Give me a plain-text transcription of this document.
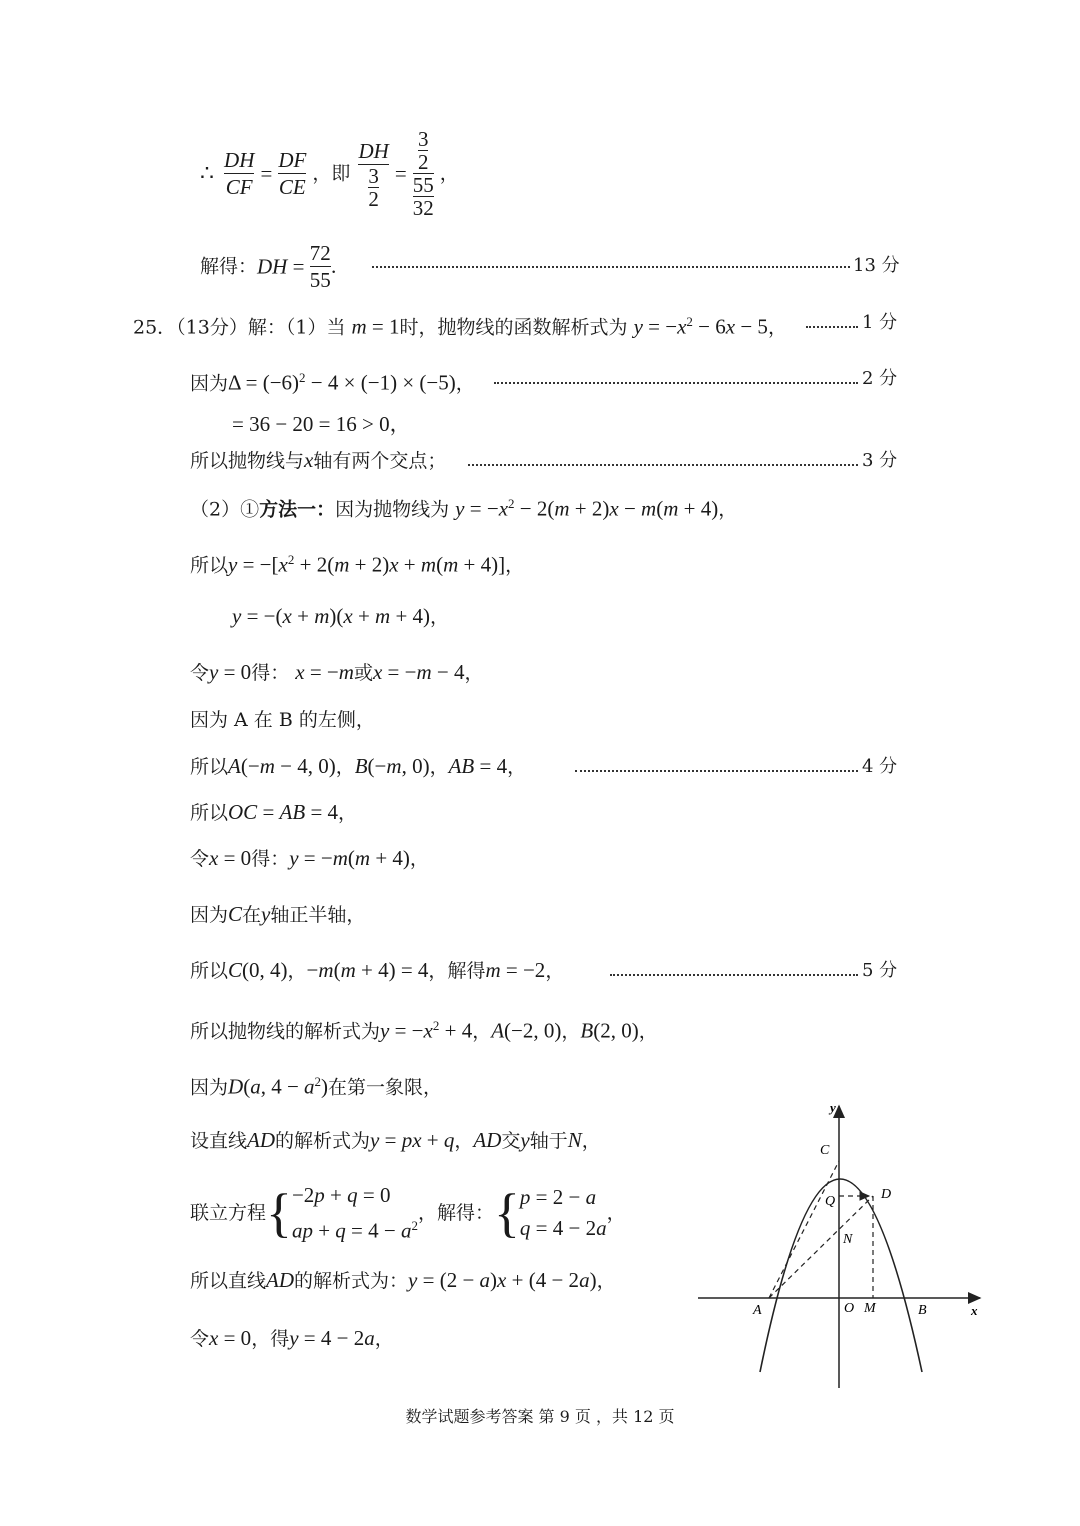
∴ $\frac{DH}{CF} = \frac{DF}{CE}$ ，即 $\frac{DH}{\frac{3}{2}} = \frac{\frac{3}{2}}{\frac{55}{32}}$ ，
解得：DH = $\frac{72}{55}$ ．	13 分
25．（13分）解：（1）当 m = 1时，抛物线的函数解析式为 $y = -x^2 - 6x - 5$，	1 分
因为$\Delta = (-6)^2 - 4 \times (-1) \times (-5)$，	2 分
= 36 − 20 = 16 > 0，
所以抛物线与x轴有两个交点；	3 分
（2）①方法一：因为抛物线为 $y = -x^2 - 2(m + 2)x - m(m + 4)$，
所以$y = -[x^2 + 2(m + 2)x + m(m + 4)]$，
y = −(x + m)(x + m + 4)，
令y = 0得： x = −m或x = −m − 4，
因为 A 在 B 的左侧，
所以A(−m − 4, 0)，B(−m, 0)，AB = 4，	4 分
所以OC = AB = 4，
令x = 0得：y = −m(m + 4)，
因为C在y轴正半轴，
所以C(0, 4)，−m(m + 4) = 4，解得m = −2，	5 分
所以抛物线的解析式为$y = -x^2 + 4$，A(−2, 0)，B(2, 0)，
因为D(a, $4 - a^2$)在第一象限，
设直线AD的解析式为y = px + q，AD交y轴于N，
联立方程{ −2p + q = 0
ap + $q = 4 - a^2$
，解得：{ p = 2 − a
q = 4 − 2a
，
所以直线AD的解析式为：y = (2 − a)x + (4 − 2a)，
令x = 0，得y = 4 − 2a，
y
x
C
D
Q
N
A	O M	B
数学试题参考答案 第 9 页 ，共 12 页
